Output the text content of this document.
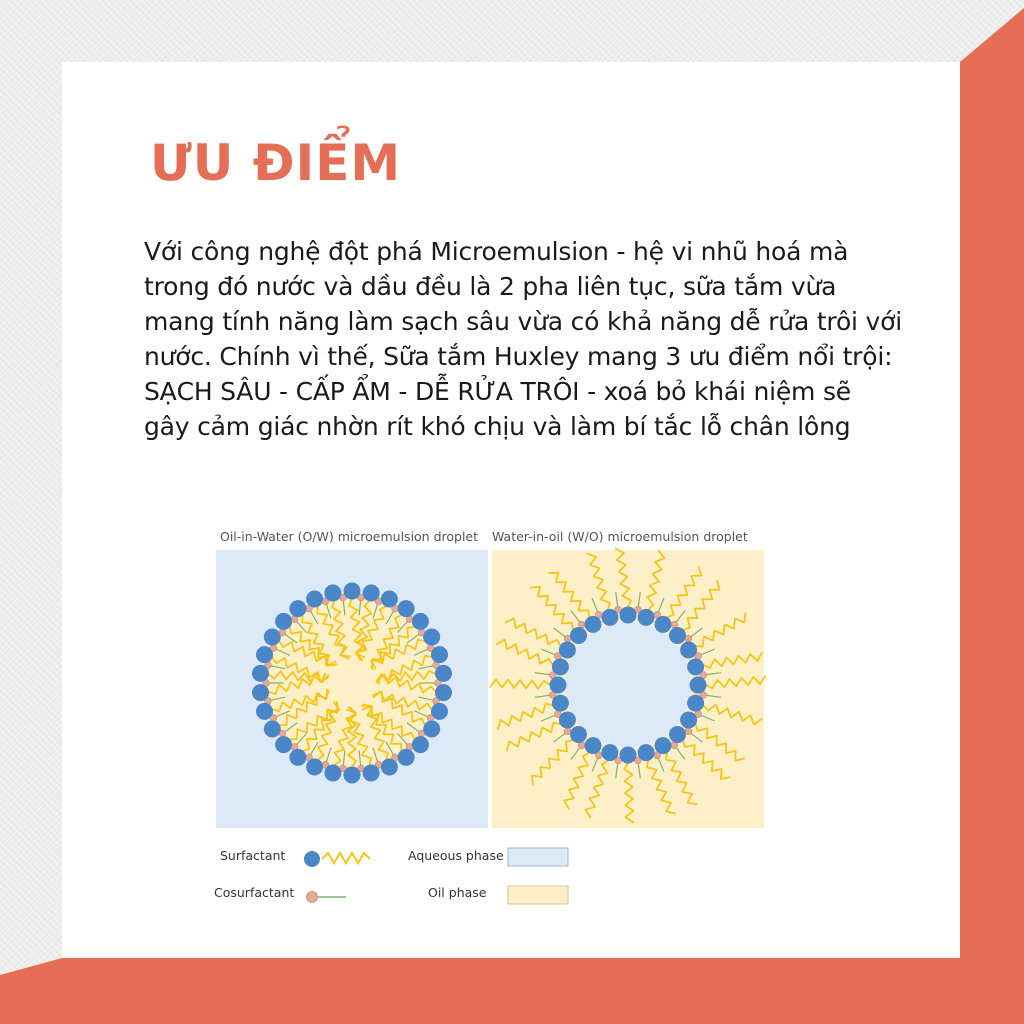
ƯU ĐIỂM

Với công nghệ đột phá Microemulsion - hệ vi nhũ hoá mà trong đó nước và dầu đều là 2 pha liên tục, sữa tắm vừa mang tính năng làm sạch sâu vừa có khả năng dễ rửa trôi với nước. Chính vì thế, Sữa tắm Huxley mang 3 ưu điểm nổi trội: SẠCH SÂU - CẤP ẨM - DỄ RỬA TRÔI - xoá bỏ khái niệm sẽ gây cảm giác nhờn rít khó chịu và làm bí tắc lỗ chân lông

Oil-in-Water (O/W) microemulsion droplet Water-in-oil (W/O) microemulsion droplet
Surfactant
Cosurfactant
Aqueous phase
Oil phase
